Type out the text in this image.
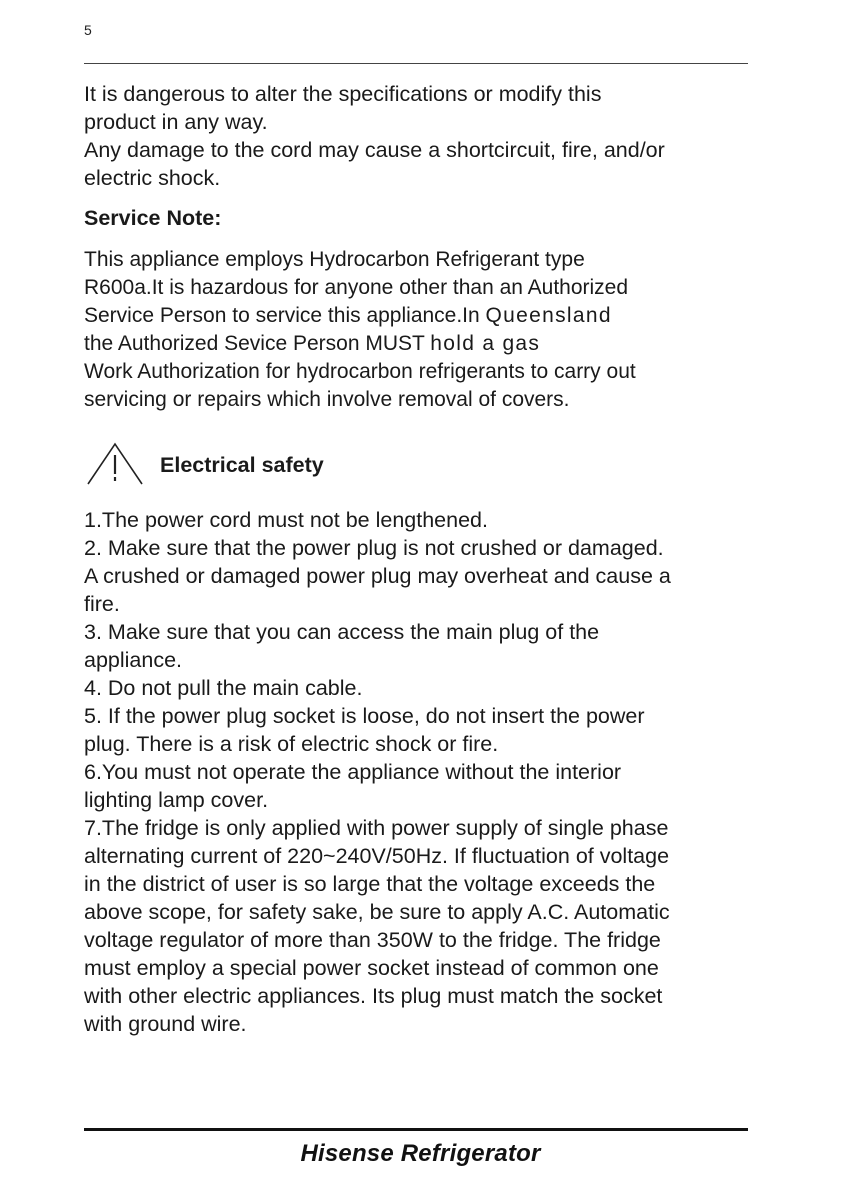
5
It is dangerous to alter the specifications or modify this
product in any way.
Any damage to the cord may cause a shortcircuit, fire, and/or
electric shock.
Service Note:
This appliance employs Hydrocarbon Refrigerant type
R600a.It is hazardous for anyone other than an Authorized
Service Person to service this appliance.In Queensland
the Authorized Sevice Person MUST hold a gas
Work Authorization for hydrocarbon refrigerants to carry out
servicing or repairs which involve removal of covers.
Electrical safety
1.The power cord must not be lengthened.
2. Make sure that the power plug is not crushed or damaged.
A crushed or damaged power plug may overheat and cause a
fire.
3. Make sure that you can access the main plug of the
appliance.
4. Do not pull the main cable.
5. If the power plug socket is loose, do not insert the power
plug. There is a risk of electric shock or fire.
6.You must not operate the appliance without the interior
lighting lamp cover.
7.The fridge is only applied with power supply of single phase
alternating current of 220~240V/50Hz. If fluctuation of voltage
in the district of user is so large that the voltage exceeds the
above scope, for safety sake, be sure to apply A.C. Automatic
voltage regulator of more than 350W to the fridge. The fridge
must employ a special power socket instead of common one
with other electric appliances. Its plug must match the socket
with ground wire.
Hisense Refrigerator
